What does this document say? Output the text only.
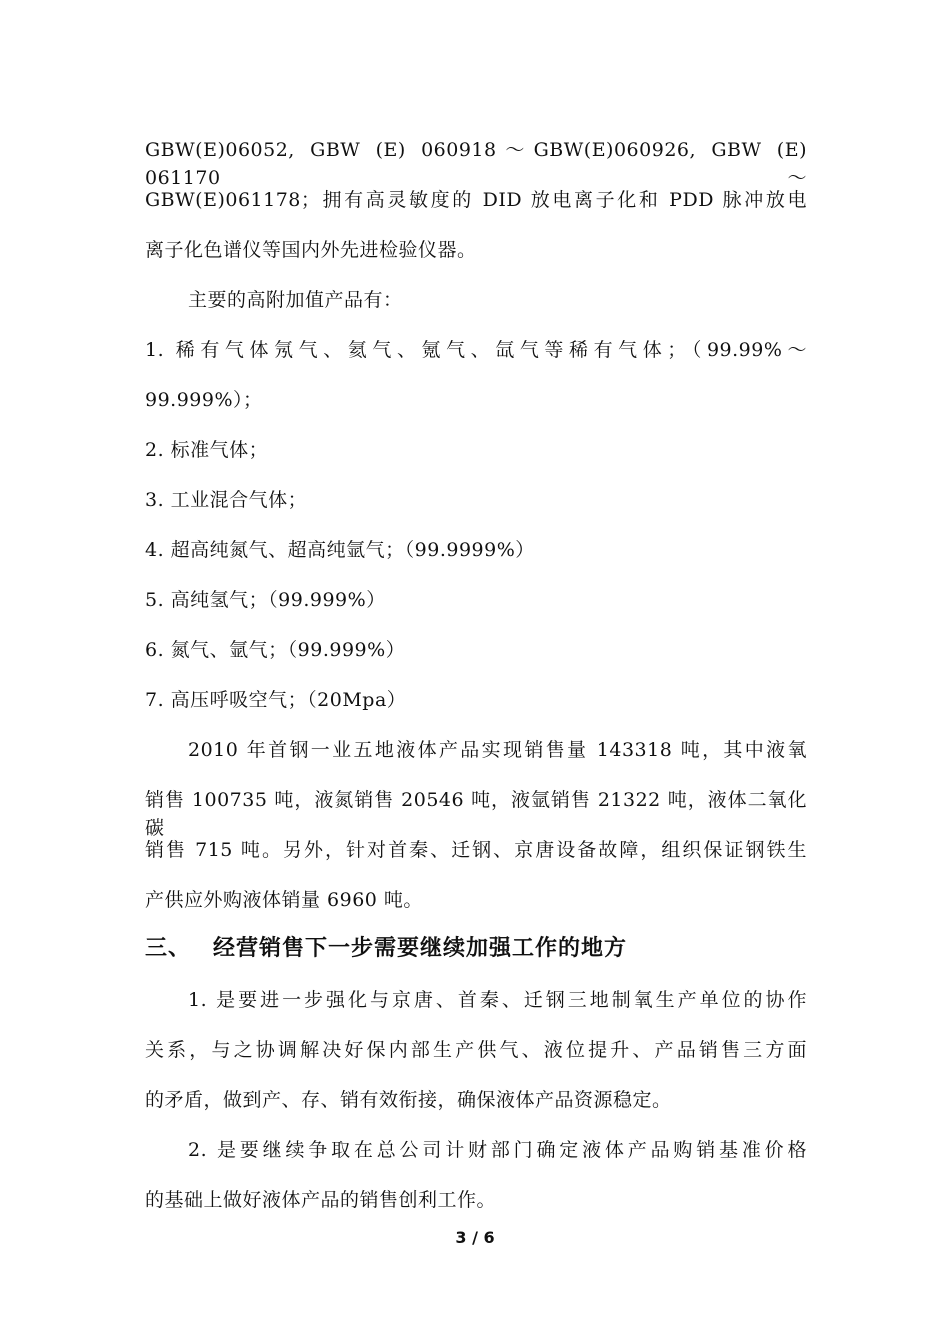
GBW(E)06052, GBW (E) 060918～GBW(E)060926, GBW (E) 061170～
GBW(E)061178；拥有高灵敏度的 DID 放电离子化和 PDD 脉冲放电
离子化色谱仪等国内外先进检验仪器。
主要的高附加值产品有：
1. 稀有气体氖气、氦气、氪气、氙气等稀有气体；（99.99%～
99.999%）；
2. 标准气体；
3. 工业混合气体；
4. 超高纯氮气、超高纯氩气；（99.9999%）
5. 高纯氢气；（99.999%）
6. 氮气、氩气；（99.999%）
7. 高压呼吸空气；（20Mpa）
2010 年首钢一业五地液体产品实现销售量 143318 吨，其中液氧
销售 100735 吨，液氮销售 20546 吨，液氩销售 21322 吨，液体二氧化碳
销售 715 吨。另外，针对首秦、迁钢、京唐设备故障，组织保证钢铁生
产供应外购液体销量 6960 吨。
三、 经营销售下一步需要继续加强工作的地方
1. 是要进一步强化与京唐、首秦、迁钢三地制氧生产单位的协作
关系，与之协调解决好保内部生产供气、液位提升、产品销售三方面
的矛盾，做到产、存、销有效衔接，确保液体产品资源稳定。
2. 是要继续争取在总公司计财部门确定液体产品购销基准价格
的基础上做好液体产品的销售创利工作。
3 / 6
